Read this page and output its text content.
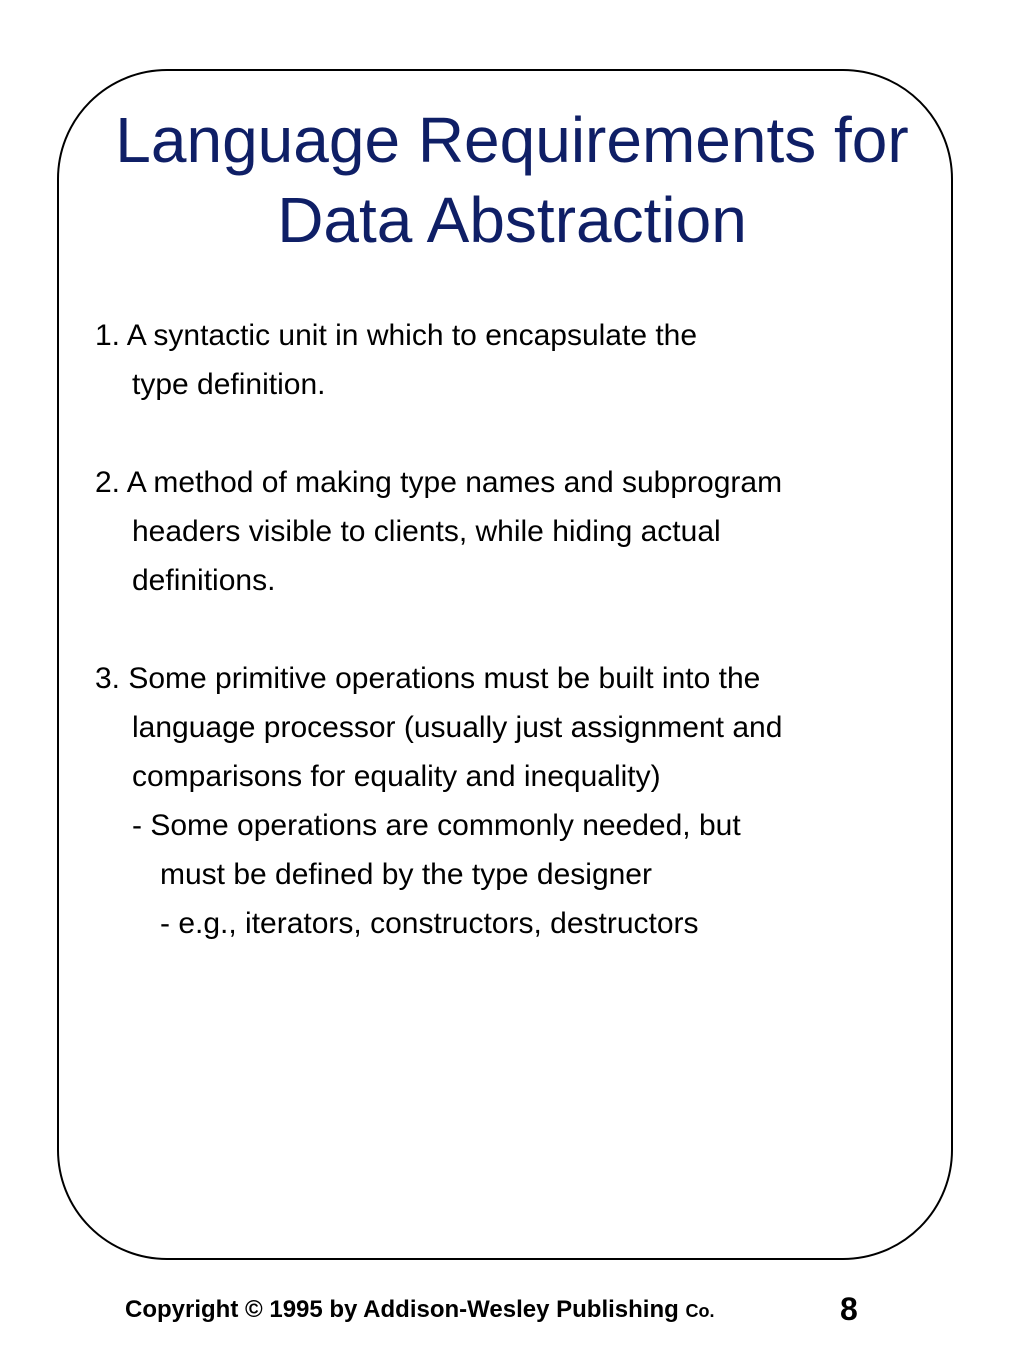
Language Requirements for
Data Abstraction

1. A syntactic unit in which to encapsulate the

type definition.

2. A method of making type names and subprogram

headers visible to clients, while hiding actual

definitions.

3. Some primitive operations must be built into the

language processor (usually just assignment and

comparisons for equality and inequality)

- Some operations are commonly needed, but

must be defined by the type designer

- e.g., iterators, constructors, destructors

Copyright © 1995 by Addison-Wesley Publishing Co.	8
